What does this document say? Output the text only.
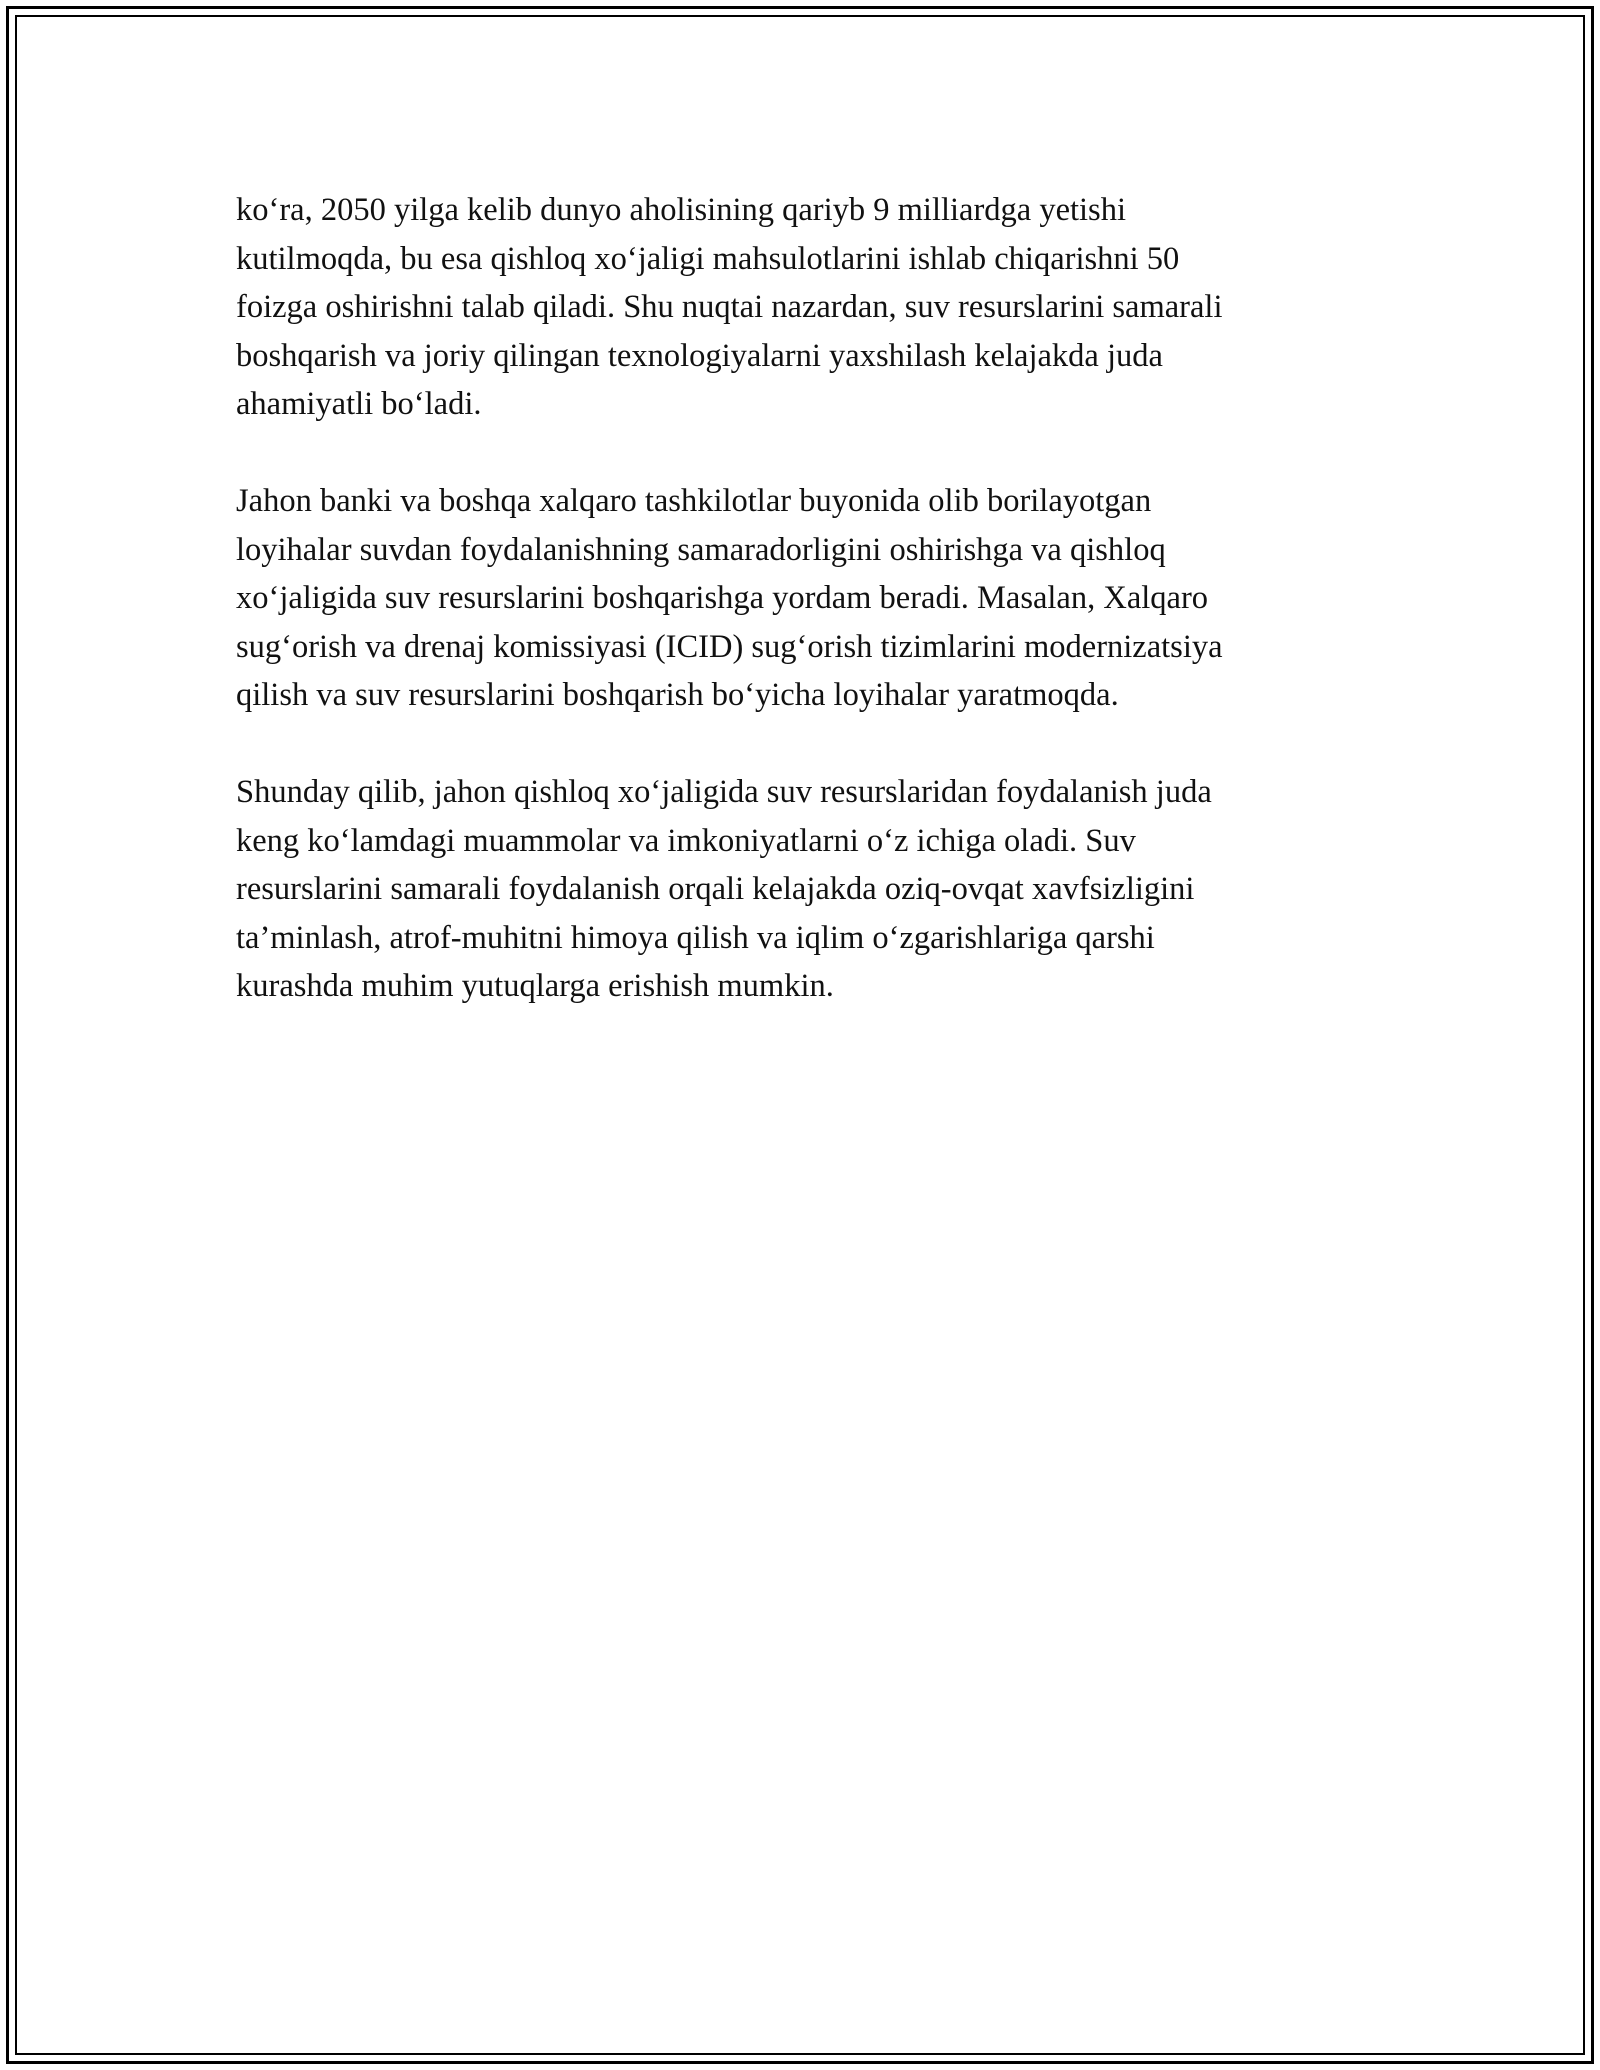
ko‘ra, 2050 yilga kelib dunyo aholisining qariyb 9 milliardga yetishi
kutilmoqda, bu esa qishloq xo‘jaligi mahsulotlarini ishlab chiqarishni 50
foizga oshirishni talab qiladi. Shu nuqtai nazardan, suv resurslarini samarali
boshqarish va joriy qilingan texnologiyalarni yaxshilash kelajakda juda
ahamiyatli bo‘ladi.

Jahon banki va boshqa xalqaro tashkilotlar buyonida olib borilayotgan
loyihalar suvdan foydalanishning samaradorligini oshirishga va qishloq
xo‘jaligida suv resurslarini boshqarishga yordam beradi. Masalan, Xalqaro
sug‘orish va drenaj komissiyasi (ICID) sug‘orish tizimlarini modernizatsiya
qilish va suv resurslarini boshqarish bo‘yicha loyihalar yaratmoqda.

Shunday qilib, jahon qishloq xo‘jaligida suv resurslaridan foydalanish juda
keng ko‘lamdagi muammolar va imkoniyatlarni o‘z ichiga oladi. Suv
resurslarini samarali foydalanish orqali kelajakda oziq-ovqat xavfsizligini
ta’minlash, atrof-muhitni himoya qilish va iqlim o‘zgarishlariga qarshi
kurashda muhim yutuqlarga erishish mumkin.
